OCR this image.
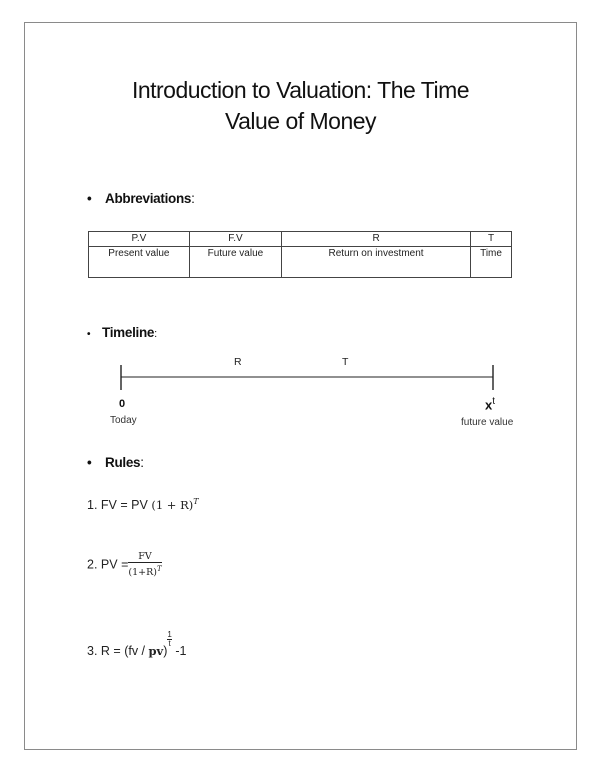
Introduction to Valuation: The Time
Value of Money
• Abbreviations:
P.V	F.V	R	T
Present value	Future value	Return on investment	Time
• Timeline:
R	T
0	$x^t$
Today	future value
• Rules:
1. FV = PV $(1 + R)^T$
2. PV = $\frac{FV}{(1+R)^T}$
3. R = (fv / pv)
$\frac{1}{t}$
-1
